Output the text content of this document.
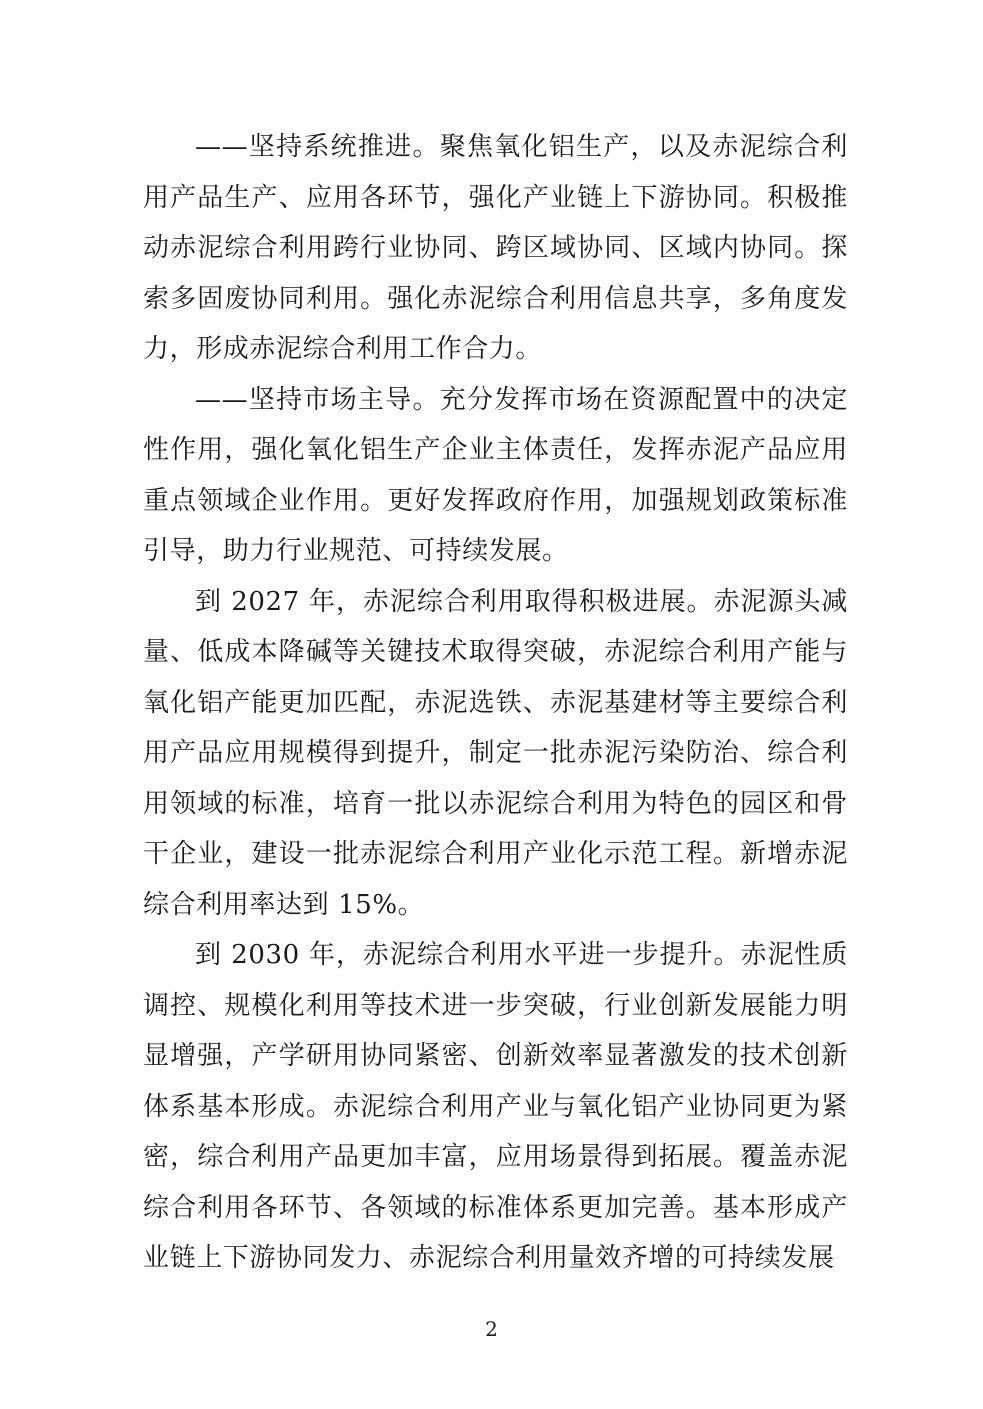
——坚持系统推进。聚焦氧化铝生产，以及赤泥综合利用产品生产、应用各环节，强化产业链上下游协同。积极推动赤泥综合利用跨行业协同、跨区域协同、区域内协同。探索多固废协同利用。强化赤泥综合利用信息共享，多角度发力，形成赤泥综合利用工作合力。

——坚持市场主导。充分发挥市场在资源配置中的决定性作用，强化氧化铝生产企业主体责任，发挥赤泥产品应用重点领域企业作用。更好发挥政府作用，加强规划政策标准引导，助力行业规范、可持续发展。

到 2027 年，赤泥综合利用取得积极进展。赤泥源头减量、低成本降碱等关键技术取得突破，赤泥综合利用产能与氧化铝产能更加匹配，赤泥选铁、赤泥基建材等主要综合利用产品应用规模得到提升，制定一批赤泥污染防治、综合利用领域的标准，培育一批以赤泥综合利用为特色的园区和骨干企业，建设一批赤泥综合利用产业化示范工程。新增赤泥综合利用率达到 15%。

到 2030 年，赤泥综合利用水平进一步提升。赤泥性质调控、规模化利用等技术进一步突破，行业创新发展能力明显增强，产学研用协同紧密、创新效率显著激发的技术创新体系基本形成。赤泥综合利用产业与氧化铝产业协同更为紧密，综合利用产品更加丰富，应用场景得到拓展。覆盖赤泥综合利用各环节、各领域的标准体系更加完善。基本形成产业链上下游协同发力、赤泥综合利用量效齐增的可持续发展

2
